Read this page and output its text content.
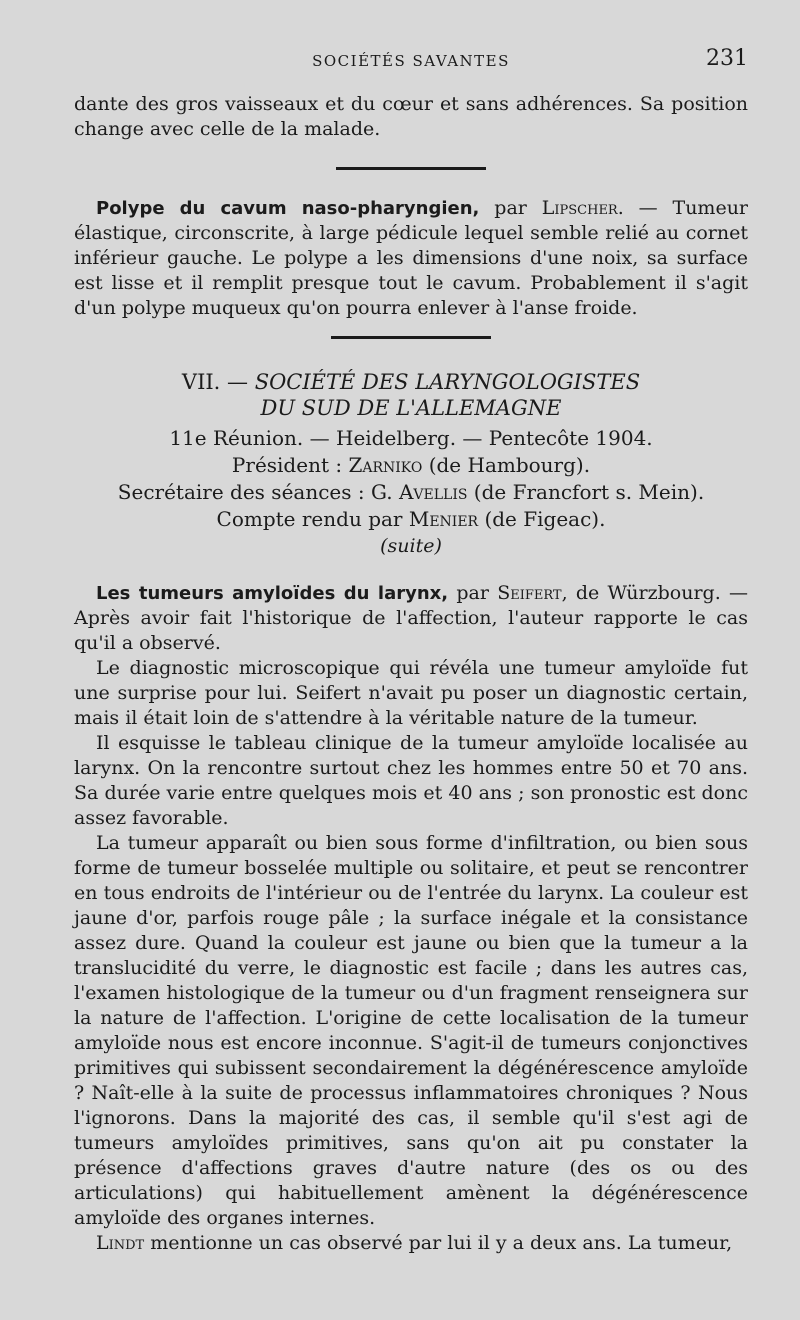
SOCIÉTÉS SAVANTES	231

dante des gros vaisseaux et du cœur et sans adhérences. Sa position change avec celle de la malade.

Polype du cavum naso-pharyngien, par Lipscher. — Tumeur élastique, circonscrite, à large pédicule lequel semble relié au cornet inférieur gauche. Le polype a les dimensions d'une noix, sa surface est lisse et il remplit presque tout le cavum. Probablement il s'agit d'un polype muqueux qu'on pourra enlever à l'anse froide.

VII. — SOCIÉTÉ DES LARYNGOLOGISTES
DU SUD DE L'ALLEMAGNE
11e Réunion. — Heidelberg. — Pentecôte 1904.
Président : Zarniko (de Hambourg).
Secrétaire des séances : G. Avellis (de Francfort s. Mein).
Compte rendu par Menier (de Figeac).
(suite)

Les tumeurs amyloïdes du larynx, par Seifert, de Würzbourg. — Après avoir fait l'historique de l'affection, l'auteur rapporte le cas qu'il a observé.

Le diagnostic microscopique qui révéla une tumeur amyloïde fut une surprise pour lui. Seifert n'avait pu poser un diagnostic certain, mais il était loin de s'attendre à la véritable nature de la tumeur.

Il esquisse le tableau clinique de la tumeur amyloïde localisée au larynx. On la rencontre surtout chez les hommes entre 50 et 70 ans. Sa durée varie entre quelques mois et 40 ans ; son pronostic est donc assez favorable.

La tumeur apparaît ou bien sous forme d'infiltration, ou bien sous forme de tumeur bosselée multiple ou solitaire, et peut se rencontrer en tous endroits de l'intérieur ou de l'entrée du larynx. La couleur est jaune d'or, parfois rouge pâle ; la surface inégale et la consistance assez dure. Quand la couleur est jaune ou bien que la tumeur a la translucidité du verre, le diagnostic est facile ; dans les autres cas, l'examen histologique de la tumeur ou d'un fragment renseignera sur la nature de l'affection. L'origine de cette localisation de la tumeur amyloïde nous est encore inconnue. S'agit-il de tumeurs conjonctives primitives qui subissent secondairement la dégénérescence amyloïde ? Naît-elle à la suite de processus inflammatoires chroniques ? Nous l'ignorons. Dans la majorité des cas, il semble qu'il s'est agi de tumeurs amyloïdes primitives, sans qu'on ait pu constater la présence d'affections graves d'autre nature (des os ou des articulations) qui habituellement amènent la dégénérescence amyloïde des organes internes.

Lindt mentionne un cas observé par lui il y a deux ans. La tumeur,
